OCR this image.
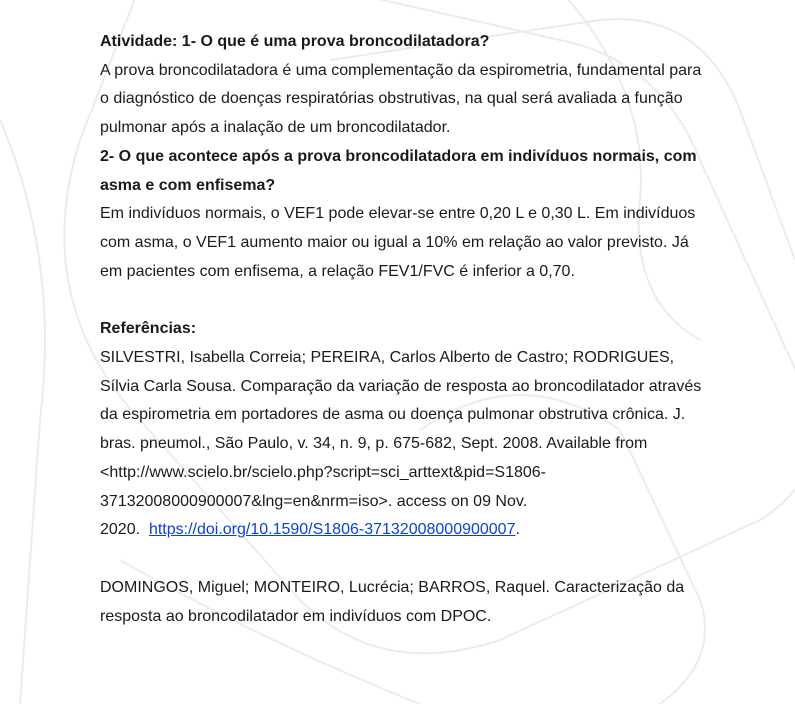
Atividade: 1- O que é uma prova broncodilatadora?

A prova broncodilatadora é uma complementação da espirometria, fundamental para

o diagnóstico de doenças respiratórias obstrutivas, na qual será avaliada a função

pulmonar após a inalação de um broncodilatador.

2- O que acontece após a prova broncodilatadora em indivíduos normais, com

asma e com enfisema?

Em indivíduos normais, o VEF1 pode elevar-se entre 0,20 L e 0,30 L. Em indivíduos

com asma, o VEF1 aumento maior ou igual a 10% em relação ao valor previsto. Já

em pacientes com enfisema, a relação FEV1/FVC é inferior a 0,70.

Referências:

SILVESTRI, Isabella Correia; PEREIRA, Carlos Alberto de Castro; RODRIGUES,

Sílvia Carla Sousa. Comparação da variação de resposta ao broncodilatador através

da espirometria em portadores de asma ou doença pulmonar obstrutiva crônica. J.

bras. pneumol., São Paulo, v. 34, n. 9, p. 675-682, Sept. 2008. Available from

<http://www.scielo.br/scielo.php?script=sci_arttext&pid=S1806-

37132008000900007&lng=en&nrm=iso>. access on 09 Nov.

2020.  https://doi.org/10.1590/S1806-37132008000900007.

DOMINGOS, Miguel; MONTEIRO, Lucrécia; BARROS, Raquel. Caracterização da

resposta ao broncodilatador em indivíduos com DPOC.
